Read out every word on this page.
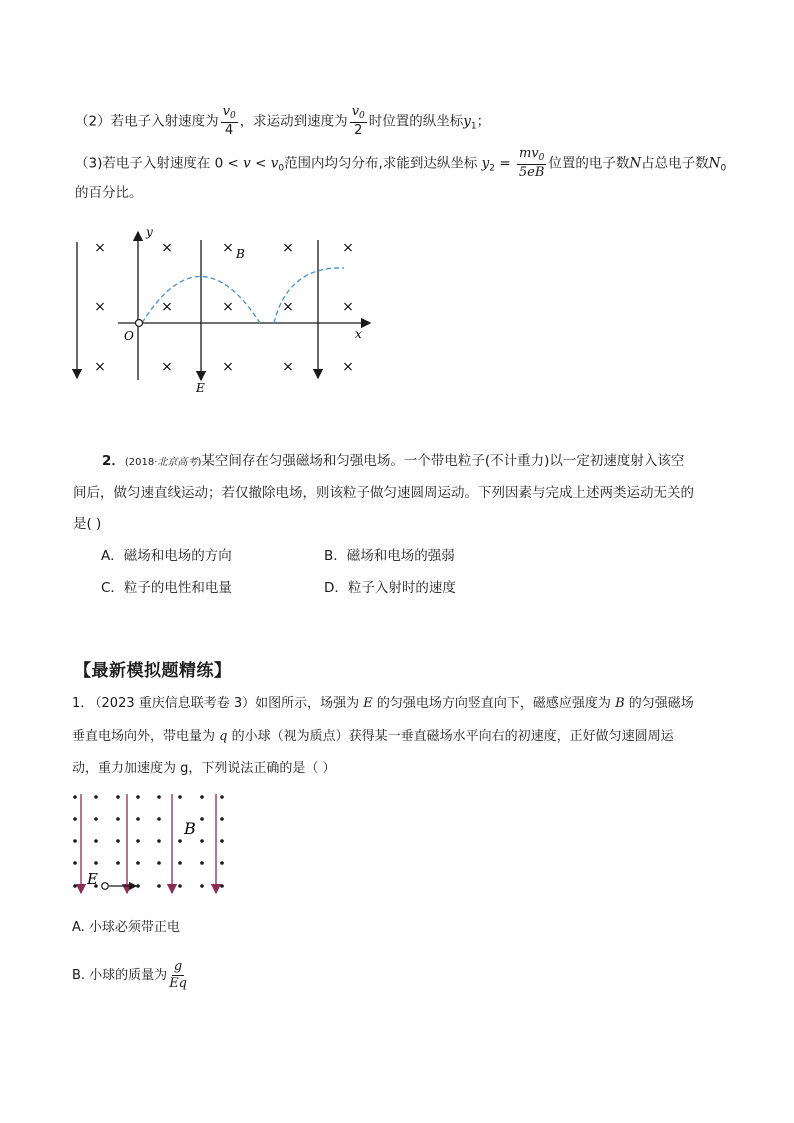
（2）若电子入射速度为 $\frac{v_0}{4}$ ，求运动到速度为 $\frac{v_0}{2}$ 时位置的纵坐标$y_1$；
（3)若电子入射速度在 $0 < v < v_0$范围内均匀分布,求能到达纵坐标 $y_2 = \frac{mv_0}{5eB}$ 位置的电子数N占总电子数$N_0$
的百分比。
×	×	×	×	×
×	×	×	×	×
×	×	×	×	×
y
x
O
B
E
2．(2018·北京高考)某空间存在匀强磁场和匀强电场。一个带电粒子(不计重力)以一定初速度射入该空
间后，做匀速直线运动；若仅撤除电场，则该粒子做匀速圆周运动。下列因素与完成上述两类运动无关的
是( )
A．磁场和电场的方向	B．磁场和电场的强弱
C．粒子的电性和电量	D．粒子入射时的速度
【最新模拟题精练】
1. （2023 重庆信息联考卷 3）如图所示，场强为 E 的匀强电场方向竖直向下，磁感应强度为 B 的匀强磁场
垂直电场向外，带电量为 q 的小球（视为质点）获得某一垂直磁场水平向右的初速度，正好做匀速圆周运
动，重力加速度为 g，下列说法正确的是（ ）
B
E
A. 小球必须带正电
B. 小球的质量为 $\frac{g}{Eq}$
